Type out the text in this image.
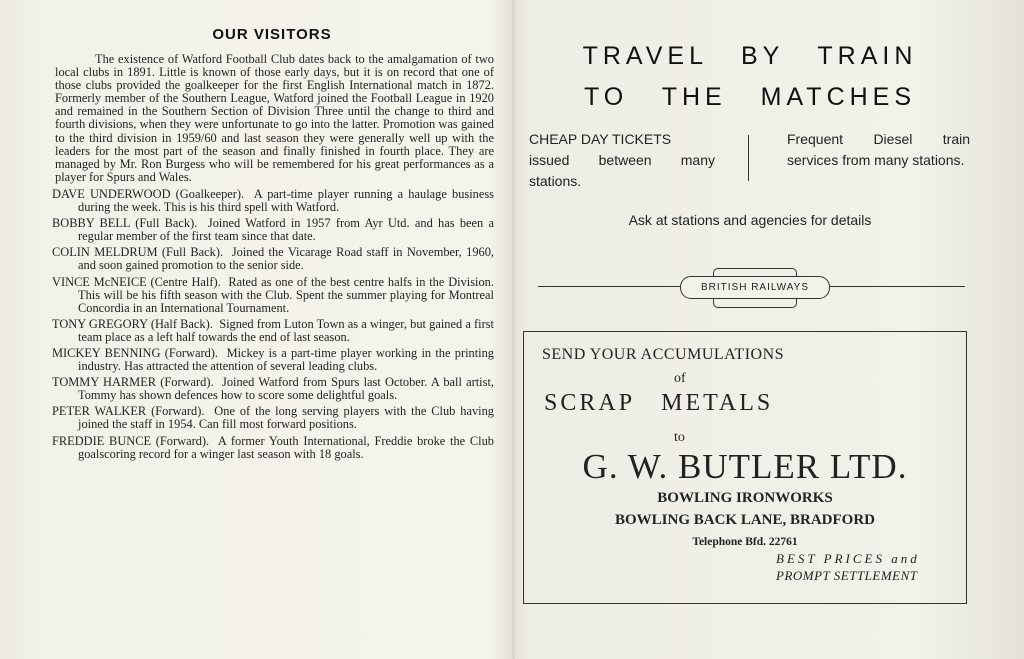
OUR VISITORS

The existence of Watford Football Club dates back to the amalgamation of two local clubs in 1891. Little is known of those early days, but it is on record that one of those clubs provided the goalkeeper for the first English International match in 1872. Formerly member of the Southern League, Watford joined the Football League in 1920 and remained in the Southern Section of Division Three until the change to third and fourth divisions, when they were unfortunate to go into the latter. Promotion was gained to the third division in 1959/60 and last season they were generally well up with the leaders for the most part of the season and finally finished in fourth place. They are managed by Mr. Ron Burgess who will be remembered for his great performances as a player for Spurs and Wales.

DAVE UNDERWOOD (Goalkeeper). A part-time player running a haulage business during the week. This is his third spell with Watford.

BOBBY BELL (Full Back). Joined Watford in 1957 from Ayr Utd. and has been a regular member of the first team since that date.

COLIN MELDRUM (Full Back). Joined the Vicarage Road staff in November, 1960, and soon gained promotion to the senior side.

VINCE McNEICE (Centre Half). Rated as one of the best centre halfs in the Division. This will be his fifth season with the Club. Spent the summer playing for Montreal Concordia in an International Tournament.

TONY GREGORY (Half Back). Signed from Luton Town as a winger, but gained a first team place as a left half towards the end of last season.

MICKEY BENNING (Forward). Mickey is a part-time player working in the printing industry. Has attracted the attention of several leading clubs.

TOMMY HARMER (Forward). Joined Watford from Spurs last October. A ball artist, Tommy has shown defences how to score some delightful goals.

PETER WALKER (Forward). One of the long serving players with the Club having joined the staff in 1954. Can fill most forward positions.

FREDDIE BUNCE (Forward). A former Youth International, Freddie broke the Club goalscoring record for a winger last season with 18 goals.

TRAVEL BY TRAIN
TO THE MATCHES
CHEAP DAY TICKETS
issued between many stations.
Frequent Diesel train services from many stations.
Ask at stations and agencies for details
BRITISH RAILWAYS
SEND YOUR ACCUMULATIONS
of
SCRAP METALS
to
G. W. BUTLER LTD.
BOWLING IRONWORKS
BOWLING BACK LANE, BRADFORD
Telephone Bfd. 22761
BEST PRICES and
PROMPT SETTLEMENT
